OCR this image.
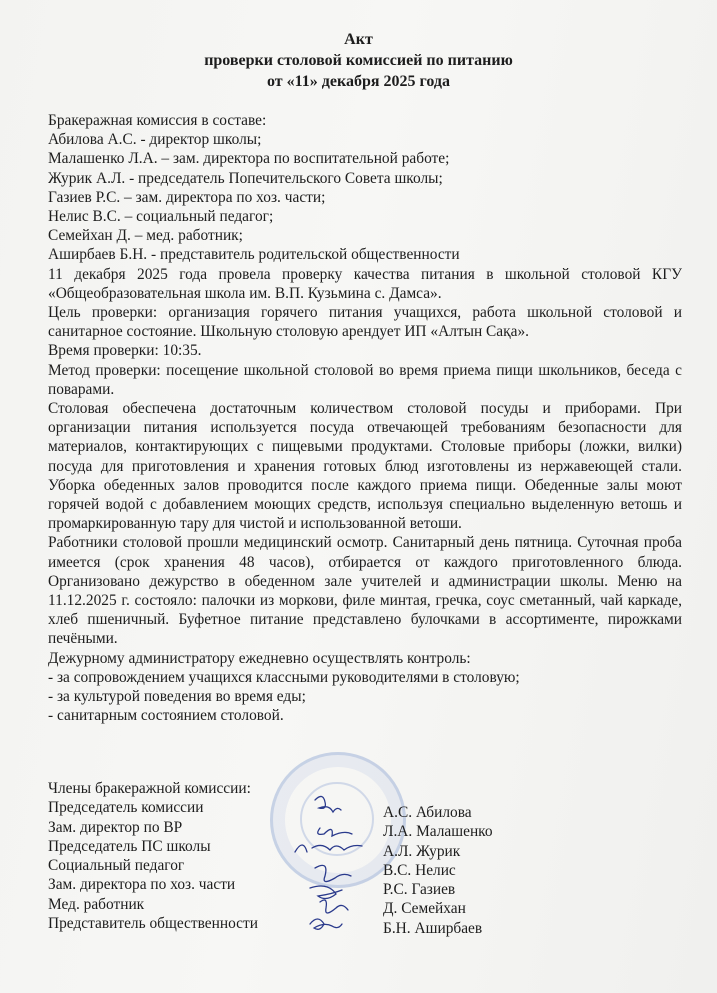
Акт
проверки столовой комиссией по питанию
от «11» декабря 2025 года

Бракеражная комиссия в составе:

Абилова А.С. - директор школы;

Малашенко Л.А. – зам. директора по воспитательной работе;

Журик А.Л. - председатель Попечительского Совета школы;

Газиев Р.С. – зам. директора по хоз. части;

Нелис В.С. – социальный педагог;

Семейхан Д. – мед. работник;

Аширбаев Б.Н. - представитель родительской общественности

11 декабря 2025 года провела проверку качества питания в школьной столовой КГУ «Общеобразовательная школа им. В.П. Кузьмина с. Дамса».

Цель проверки: организация горячего питания учащихся, работа школьной столовой и санитарное состояние. Школьную столовую арендует ИП «Алтын Сақа».

Время проверки: 10:35.

Метод проверки: посещение школьной столовой во время приема пищи школьников, беседа с поварами.

Столовая обеспечена достаточным количеством столовой посуды и приборами. При организации питания используется посуда отвечающей требованиям безопасности для материалов, контактирующих с пищевыми продуктами. Столовые приборы (ложки, вилки) посуда для приготовления и хранения готовых блюд изготовлены из нержавеющей стали. Уборка обеденных залов проводится после каждого приема пищи. Обеденные залы моют горячей водой с добавлением моющих средств, используя специально выделенную ветошь и промаркированную тару для чистой и использованной ветоши.

Работники столовой прошли медицинский осмотр. Санитарный день пятница. Суточная проба имеется (срок хранения 48 часов), отбирается от каждого приготовленного блюда. Организовано дежурство в обеденном зале учителей и администрации школы. Меню на 11.12.2025 г. состояло: палочки из моркови, филе минтая, гречка, соус сметанный, чай каркаде, хлеб пшеничный. Буфетное питание представлено булочками в ассортименте, пирожками печёными.

Дежурному администратору ежедневно осуществлять контроль:

- за сопровождением учащихся классными руководителями в столовую;

- за культурой поведения во время еды;

- санитарным состоянием столовой.

Члены бракеражной комиссии:

Председатель комиссии

Зам. директор по ВР

Председатель ПС школы

Социальный педагог

Зам. директора по хоз. части

Мед. работник

Представитель общественности

А.С. Абилова

Л.А. Малашенко

А.Л. Журик

В.С. Нелис

Р.С. Газиев

Д. Семейхан

Б.Н. Аширбаев
